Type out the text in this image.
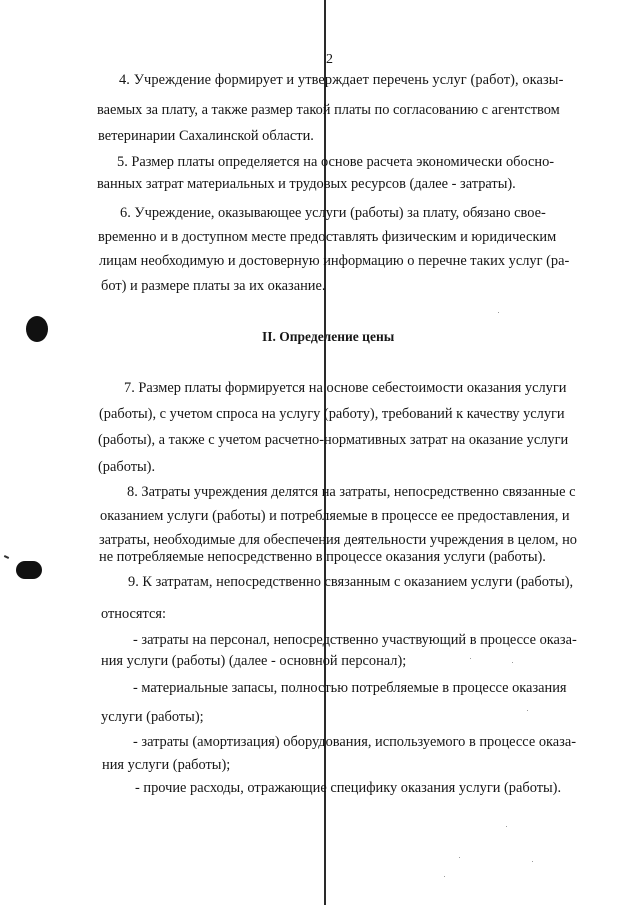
2
4. Учреждение формирует и утверждает перечень услуг (работ), оказы-
ваемых за плату, а также размер такой платы по согласованию с агентством
ветеринарии Сахалинской области.
5. Размер платы определяется на основе расчета экономически обосно-
ванных затрат материальных и трудовых ресурсов (далее - затраты).
6. Учреждение, оказывающее услуги (работы) за плату, обязано свое-
временно и в доступном месте предоставлять физическим и юридическим
лицам необходимую и достоверную информацию о перечне таких услуг (ра-
бот) и размере платы за их оказание.
II. Определение цены
7. Размер платы формируется на основе себестоимости оказания услуги
(работы), с учетом спроса на услугу (работу), требований к качеству услуги
(работы), а также с учетом расчетно-нормативных затрат на оказание услуги
(работы).
8. Затраты учреждения делятся на затраты, непосредственно связанные с
оказанием услуги (работы) и потребляемые в процессе ее предоставления, и
затраты, необходимые для обеспечения деятельности учреждения в целом, но
не потребляемые непосредственно в процессе оказания услуги (работы).
9. К затратам, непосредственно связанным с оказанием услуги (работы),
относятся:
- затраты на персонал, непосредственно участвующий в процессе оказа-
ния услуги (работы) (далее - основной персонал);
- материальные запасы, полностью потребляемые в процессе оказания
услуги (работы);
- затраты (амортизация) оборудования, используемого в процессе оказа-
ния услуги (работы);
- прочие расходы, отражающие специфику оказания услуги (работы).
